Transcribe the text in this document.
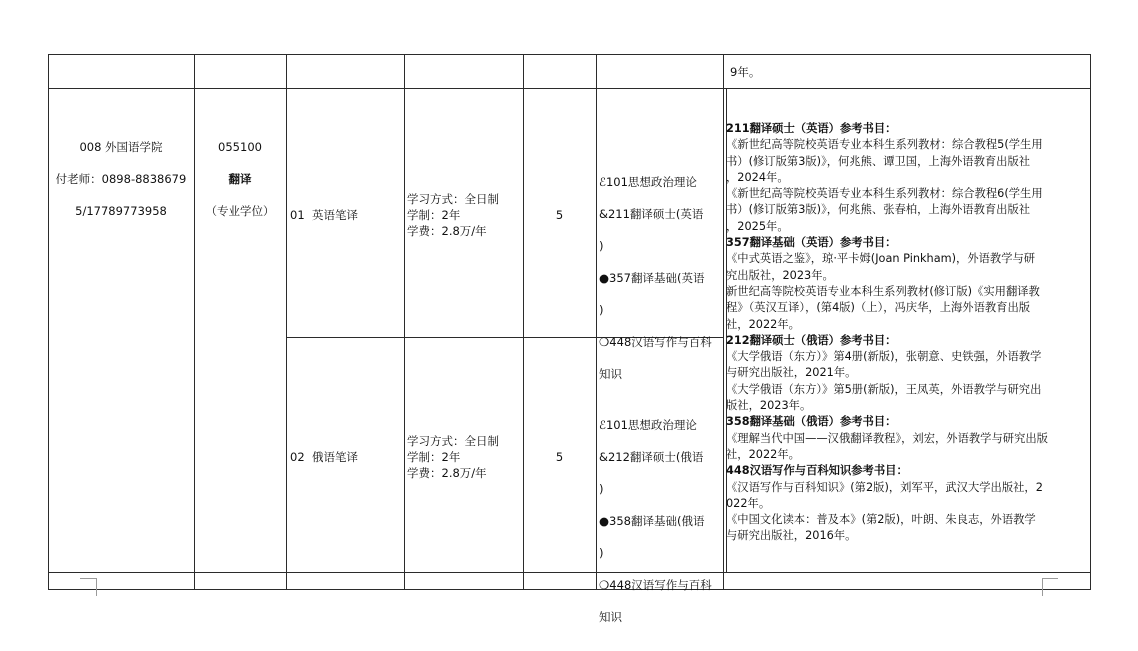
9年。

008 外国语学院

付老师：0898-8838679

5/17789773958

055100

翻译

（专业学位）	01  英语笔译
学习方式：全日制
学制：2年
学费：2.8万/年
5

ℰ101思想政治理论

&211翻译硕士(英语

)

●357翻译基础(英语

)

❍448汉语写作与百科

知识

02  俄语笔译
学习方式：全日制
学制：2年
学费：2.8万/年
5

ℰ101思想政治理论

&212翻译硕士(俄语

)

●358翻译基础(俄语

)

❍448汉语写作与百科

知识

211翻译硕士（英语）参考书目：
《新世纪高等院校英语专业本科生系列教材：综合教程5(学生用
书）(修订版第3版)》，何兆熊、谭卫国，上海外语教育出版社
，2024年。
《新世纪高等院校英语专业本科生系列教材：综合教程6(学生用
书）(修订版第3版)》，何兆熊、张春柏，上海外语教育出版社
，2025年。
357翻译基础（英语）参考书目：
《中式英语之鉴》，琼·平卡姆(Joan Pinkham)，外语教学与研
究出版社，2023年。
新世纪高等院校英语专业本科生系列教材(修订版)《实用翻译教
程》（英汉互译），(第4版)（上），冯庆华，上海外语教育出版
社，2022年。
212翻译硕士（俄语）参考书目：
《大学俄语（东方）》第4册(新版)，张朝意、史铁强，外语教学
与研究出版社，2021年。
《大学俄语（东方）》第5册(新版)，王凤英，外语教学与研究出
版社，2023年。
358翻译基础（俄语）参考书目：
《理解当代中国——汉俄翻译教程》，刘宏，外语教学与研究出版
社，2022年。
448汉语写作与百科知识参考书目：
《汉语写作与百科知识》(第2版)，刘军平，武汉大学出版社，2
022年。
《中国文化读本：普及本》(第2版)，叶朗、朱良志，外语教学
与研究出版社，2016年。
